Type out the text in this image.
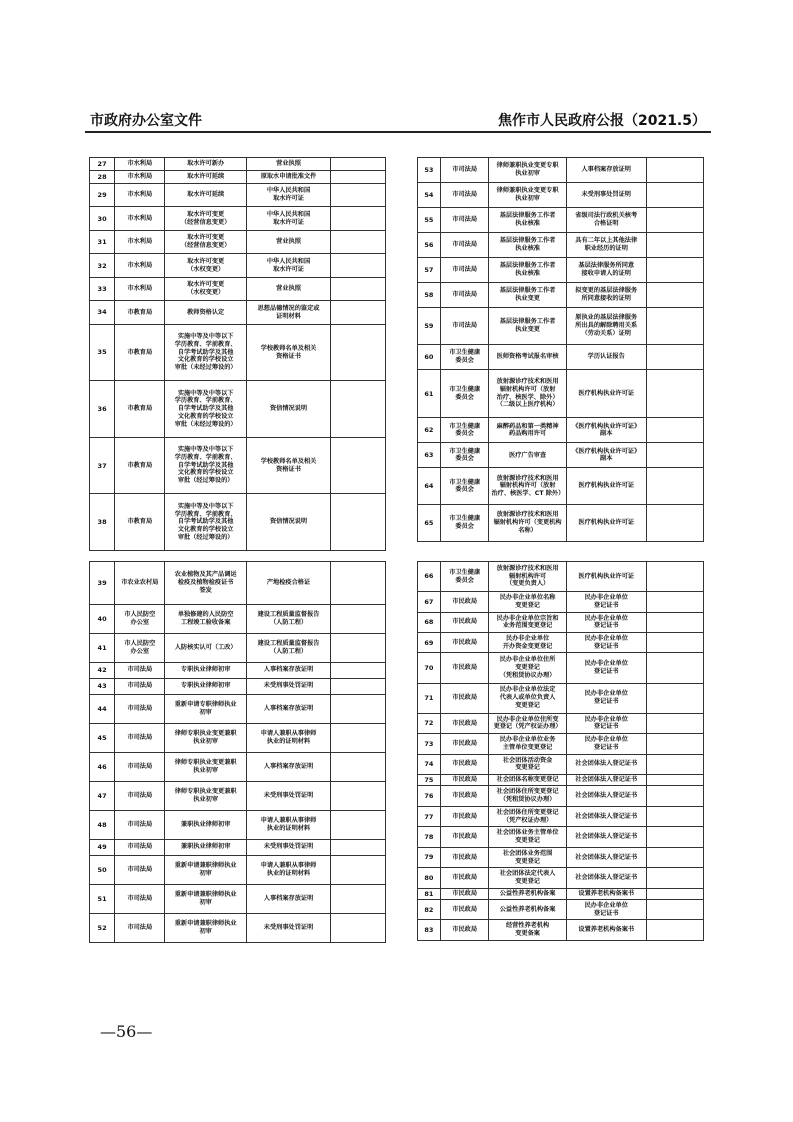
市政府办公室文件	焦作市人民政府公报（2021.5）
27	市水利局	取水许可新办	营业执照	
28	市水利局	取水许可延续	原取水申请批准文件	
29	市水利局	取水许可延续	中华人民共和国
取水许可证	
30	市水利局	取水许可变更
（经营信息变更）	中华人民共和国
取水许可证	
31	市水利局	取水许可变更
（经营信息变更）	营业执照	
32	市水利局	取水许可变更
（水权变更）	中华人民共和国
取水许可证	
33	市水利局	取水许可变更
（水权变更）	营业执照	
34	市教育局	教师资格认定	思想品德情况的鉴定或
证明材料	
35	市教育局	实施中等及中等以下
学历教育、学前教育、
自学考试助学及其他
文化教育的学校设立
审批（未经过筹设的）	学校教师名单及相关
资格证书	
36	市教育局	实施中等及中等以下
学历教育、学前教育、
自学考试助学及其他
文化教育的学校设立
审批（未经过筹设的）	资信情况说明	
37	市教育局	实施中等及中等以下
学历教育、学前教育、
自学考试助学及其他
文化教育的学校设立
审批（经过筹设的）	学校教师名单及相关
资格证书	
38	市教育局	实施中等及中等以下
学历教育、学前教育、
自学考试助学及其他
文化教育的学校设立
审批（经过筹设的）	资信情况说明	
53	市司法局	律师兼职执业变更专职
执业初审	人事档案存放证明	
54	市司法局	律师兼职执业变更专职
执业初审	未受刑事处罚证明	
55	市司法局	基层法律服务工作者
执业核准	省级司法行政机关核考
合格证明	
56	市司法局	基层法律服务工作者
执业核准	具有二年以上其他法律
职业经历的证明	
57	市司法局	基层法律服务工作者
执业核准	基层法律服务所同意
接收申请人的证明	
58	市司法局	基层法律服务工作者
执业变更	拟变更的基层法律服务
所同意接收的证明	
59	市司法局	基层法律服务工作者
执业变更	原执业的基层法律服务
所出具的解除聘用关系
（劳动关系）证明	
60	市卫生健康
委员会	医师资格考试报名审核	学历认证报告	
61	市卫生健康
委员会	放射源诊疗技术和医用
辐射机构许可（放射
治疗、核医学、除外）
（二级以上医疗机构）	医疗机构执业许可证	
62	市卫生健康
委员会	麻醉药品和第一类精神
药品购用许可	《医疗机构执业许可证》
副本	
63	市卫生健康
委员会	医疗广告审查	《医疗机构执业许可证》
副本	
64	市卫生健康
委员会	放射源诊疗技术和医用
辐射机构许可（放射
治疗、核医学、CT 除外）	医疗机构执业许可证	
65	市卫生健康
委员会	放射源诊疗技术和医用
辐射机构许可（变更机构
名称）	医疗机构执业许可证	
39	市农业农村局	农业植物及其产品调运
检疫及植物检疫证书
签发	产地检疫合格证	
40	市人民防空
办公室	单独修建的人民防空
工程竣工验收备案	建设工程质量监督报告
（人防工程）	
41	市人民防空
办公室	人防核实认可（工改）	建设工程质量监督报告
（人防工程）	
42	市司法局	专职执业律师初审	人事档案存放证明	
43	市司法局	专职执业律师初审	未受刑事处罚证明	
44	市司法局	重新申请专职律师执业
初审	人事档案存放证明	
45	市司法局	律师专职执业变更兼职
执业初审	申请人兼职从事律师
执业的证明材料	
46	市司法局	律师专职执业变更兼职
执业初审	人事档案存放证明	
47	市司法局	律师专职执业变更兼职
执业初审	未受刑事处罚证明	
48	市司法局	兼职执业律师初审	申请人兼职从事律师
执业的证明材料	
49	市司法局	兼职执业律师初审	未受刑事处罚证明	
50	市司法局	重新申请兼职律师执业
初审	申请人兼职从事律师
执业的证明材料	
51	市司法局	重新申请兼职律师执业
初审	人事档案存放证明	
52	市司法局	重新申请兼职律师执业
初审	未受刑事处罚证明	
66	市卫生健康
委员会	放射源诊疗技术和医用
辐射机构许可
（变更负责人）	医疗机构执业许可证	
67	市民政局	民办非企业单位名称
变更登记	民办非企业单位
登记证书	
68	市民政局	民办非企业单位宗旨和
业务范围变更登记	民办非企业单位
登记证书	
69	市民政局	民办非企业单位
开办资金变更登记	民办非企业单位
登记证书	
70	市民政局	民办非企业单位住所
变更登记
（凭租赁协议办理）	民办非企业单位
登记证书	
71	市民政局	民办非企业单位法定
代表人或单位负责人
变更登记	民办非企业单位
登记证书	
72	市民政局	民办非企业单位住所变
更登记（凭产权证办理）	民办非企业单位
登记证书	
73	市民政局	民办非企业单位业务
主管单位变更登记	民办非企业单位
登记证书	
74	市民政局	社会团体活动资金
变更登记	社会团体法人登记证书	
75	市民政局	社会团体名称变更登记	社会团体法人登记证书	
76	市民政局	社会团体住所变更登记
（凭租赁协议办理）	社会团体法人登记证书	
77	市民政局	社会团体住所变更登记
（凭产权证办理）	社会团体法人登记证书	
78	市民政局	社会团体业务主管单位
变更登记	社会团体法人登记证书	
79	市民政局	社会团体业务范围
变更登记	社会团体法人登记证书	
80	市民政局	社会团体法定代表人
变更登记	社会团体法人登记证书	
81	市民政局	公益性养老机构备案	设置养老机构备案书	
82	市民政局	公益性养老机构备案	民办非企业单位
登记证书	
83	市民政局	经营性养老机构
变更备案	设置养老机构备案书	
—56—
